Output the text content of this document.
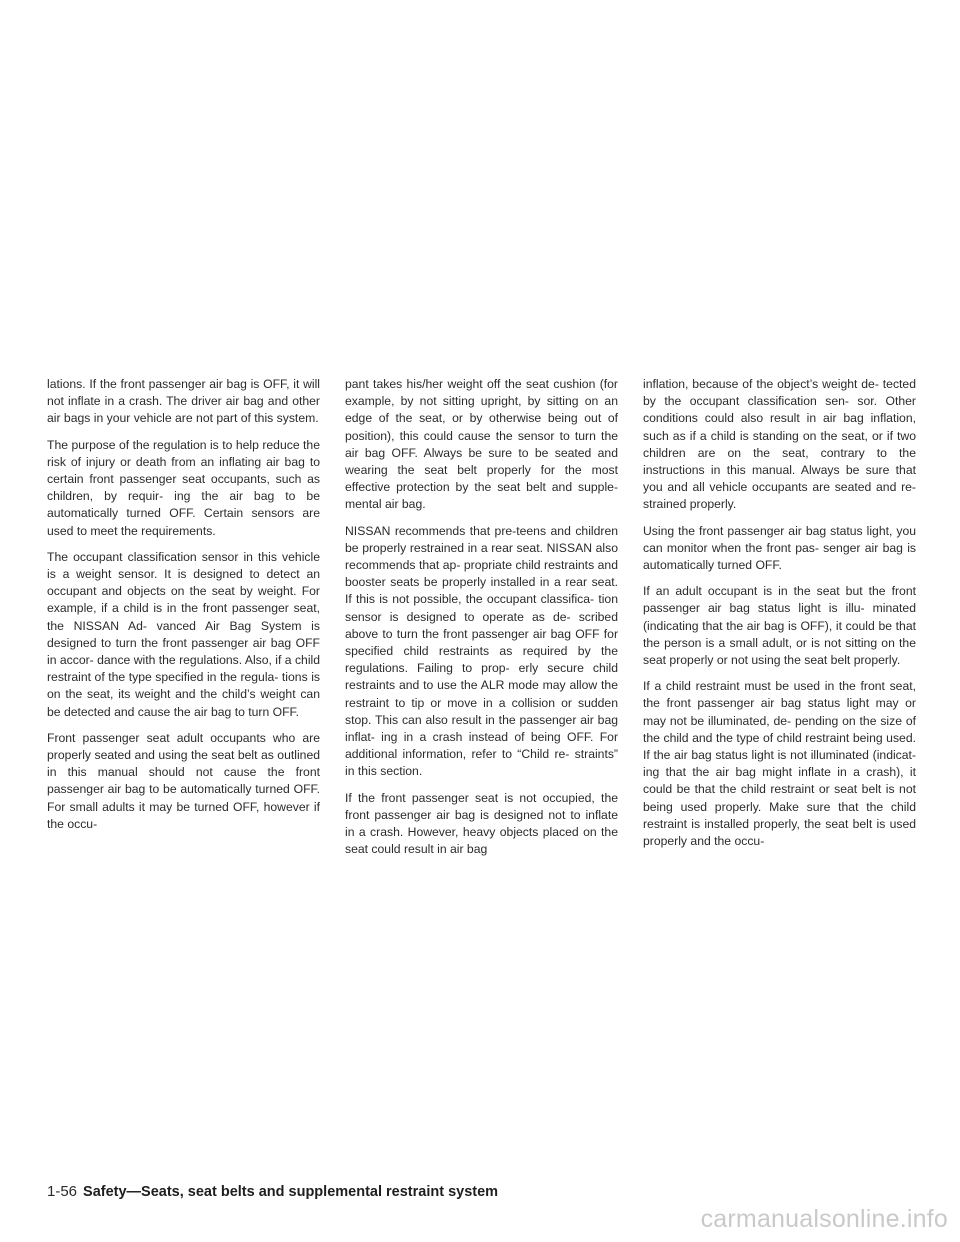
lations. If the front passenger air bag is OFF, it will not inflate in a crash. The driver air bag and other air bags in your vehicle are not part of this system.

The purpose of the regulation is to help reduce the risk of injury or death from an inflating air bag to certain front passenger seat occupants, such as children, by requir- ing the air bag to be automatically turned OFF. Certain sensors are used to meet the requirements.

The occupant classification sensor in this vehicle is a weight sensor. It is designed to detect an occupant and objects on the seat by weight. For example, if a child is in the front passenger seat, the NISSAN Ad- vanced Air Bag System is designed to turn the front passenger air bag OFF in accor- dance with the regulations. Also, if a child restraint of the type specified in the regula- tions is on the seat, its weight and the child’s weight can be detected and cause the air bag to turn OFF.

Front passenger seat adult occupants who are properly seated and using the seat belt as outlined in this manual should not cause the front passenger air bag to be automatically turned OFF. For small adults it may be turned OFF, however if the occu-

pant takes his/her weight off the seat cushion (for example, by not sitting upright, by sitting on an edge of the seat, or by otherwise being out of position), this could cause the sensor to turn the air bag OFF. Always be sure to be seated and wearing the seat belt properly for the most effective protection by the seat belt and supple- mental air bag.

NISSAN recommends that pre-teens and children be properly restrained in a rear seat. NISSAN also recommends that ap- propriate child restraints and booster seats be properly installed in a rear seat. If this is not possible, the occupant classifica- tion sensor is designed to operate as de- scribed above to turn the front passenger air bag OFF for specified child restraints as required by the regulations. Failing to prop- erly secure child restraints and to use the ALR mode may allow the restraint to tip or move in a collision or sudden stop. This can also result in the passenger air bag inflat- ing in a crash instead of being OFF. For additional information, refer to “Child re- straints” in this section.

If the front passenger seat is not occupied, the front passenger air bag is designed not to inflate in a crash. However, heavy objects placed on the seat could result in air bag

inflation, because of the object’s weight de- tected by the occupant classification sen- sor. Other conditions could also result in air bag inflation, such as if a child is standing on the seat, or if two children are on the seat, contrary to the instructions in this manual. Always be sure that you and all vehicle occupants are seated and re- strained properly.

Using the front passenger air bag status light, you can monitor when the front pas- senger air bag is automatically turned OFF.

If an adult occupant is in the seat but the front passenger air bag status light is illu- minated (indicating that the air bag is OFF), it could be that the person is a small adult, or is not sitting on the seat properly or not using the seat belt properly.

If a child restraint must be used in the front seat, the front passenger air bag status light may or may not be illuminated, de- pending on the size of the child and the type of child restraint being used. If the air bag status light is not illuminated (indicat- ing that the air bag might inflate in a crash), it could be that the child restraint or seat belt is not being used properly. Make sure that the child restraint is installed properly, the seat belt is used properly and the occu-

1-56 Safety—Seats, seat belts and supplemental restraint system
carmanualsonline.info
